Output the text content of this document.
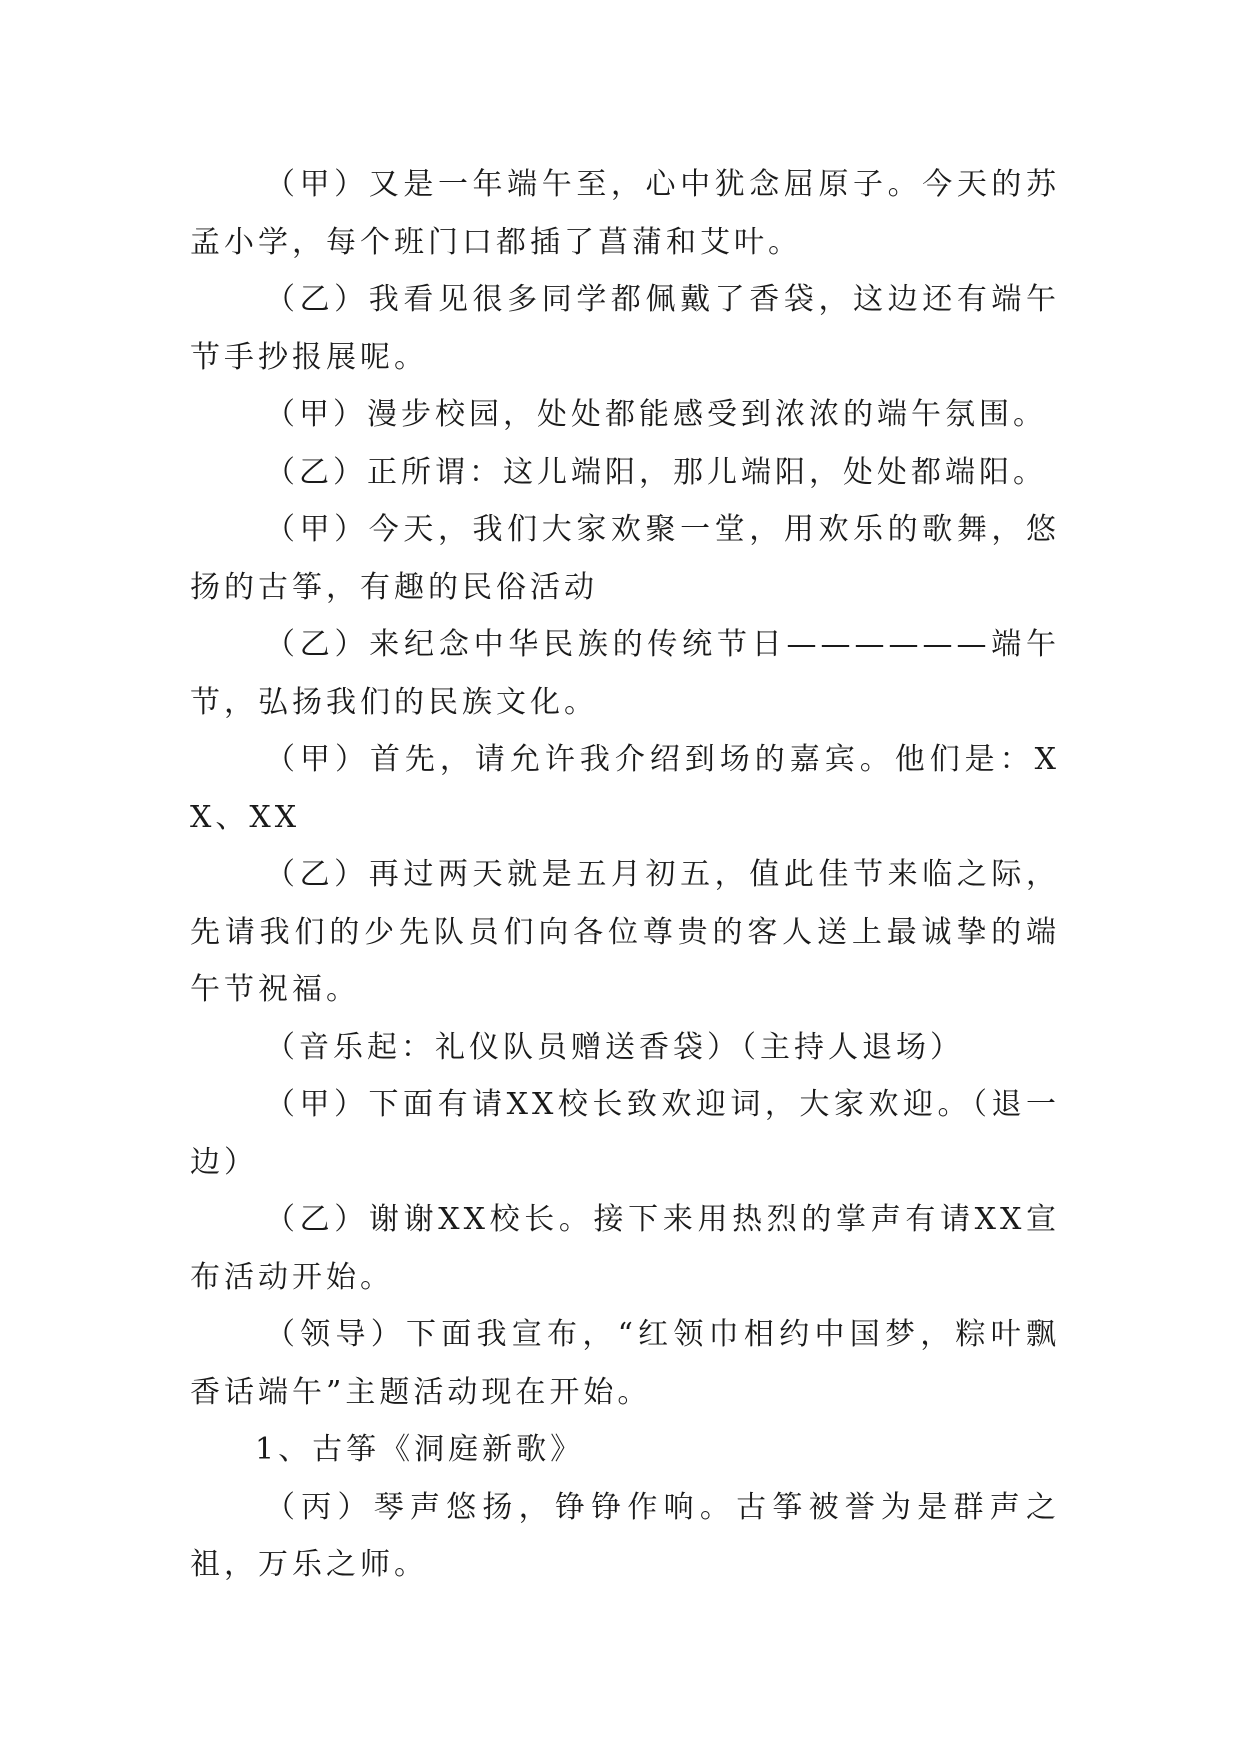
（甲）又是一年端午至，心中犹念屈原子。今天的苏孟小学，每个班门口都插了菖蒲和艾叶。

（乙）我看见很多同学都佩戴了香袋，这边还有端午节手抄报展呢。

（甲）漫步校园，处处都能感受到浓浓的端午氛围。

（乙）正所谓：这儿端阳，那儿端阳，处处都端阳。

（甲）今天，我们大家欢聚一堂，用欢乐的歌舞，悠扬的古筝，有趣的民俗活动

（乙）来纪念中华民族的传统节日——————端午节，弘扬我们的民族文化。

（甲）首先，请允许我介绍到场的嘉宾。他们是：XX、XX

（乙）再过两天就是五月初五，值此佳节来临之际，先请我们的少先队员们向各位尊贵的客人送上最诚挚的端午节祝福。

（音乐起：礼仪队员赠送香袋）（主持人退场）

（甲）下面有请XX校长致欢迎词，大家欢迎。（退一边）

（乙）谢谢XX校长。接下来用热烈的掌声有请XX宣布活动开始。

（领导）下面我宣布，“红领巾相约中国梦，粽叶飘香话端午”主题活动现在开始。

1、古筝《洞庭新歌》

（丙）琴声悠扬，铮铮作响。古筝被誉为是群声之祖，万乐之师。
